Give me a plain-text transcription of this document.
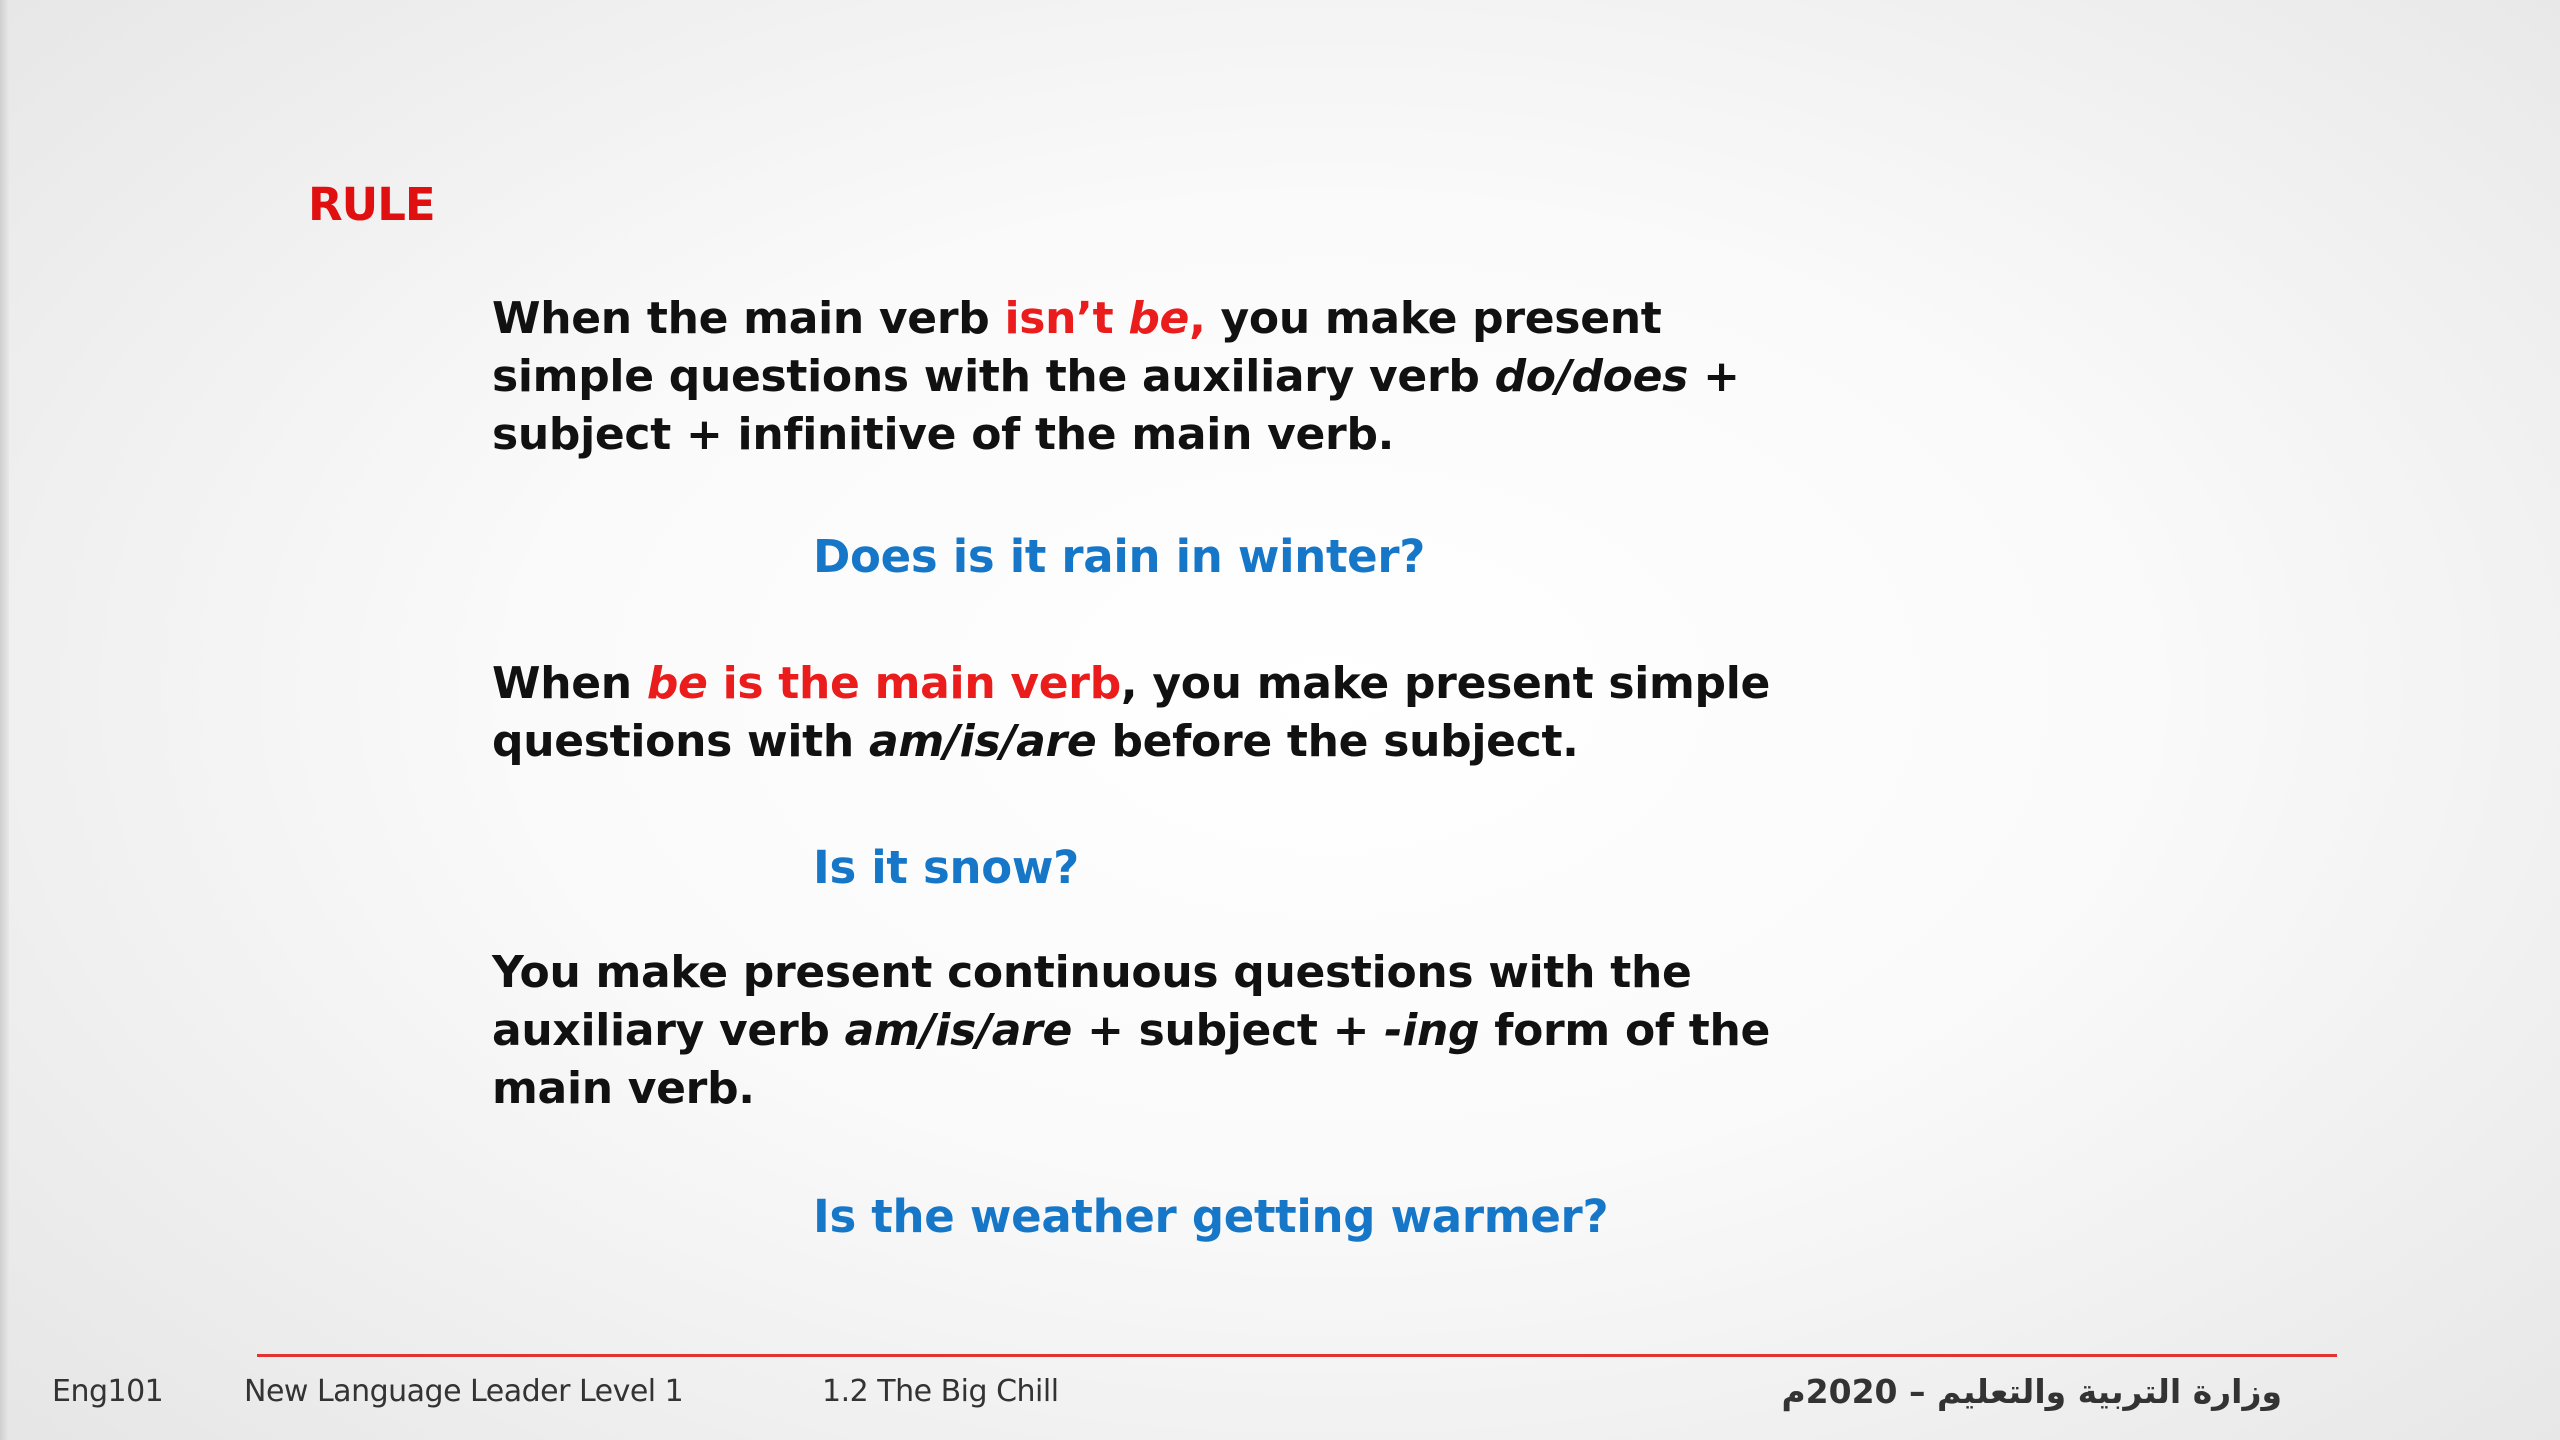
RULE
When the main verb isn’t be, you make present
simple questions with the auxiliary verb do/does +
subject + infinitive of the main verb.
Does is it rain in winter?
When be is the main verb, you make present simple
questions with am/is/are before the subject.
Is it snow?
You make present continuous questions with the
auxiliary verb am/is/are + subject + -ing form of the
main verb.
Is the weather getting warmer?
Eng101	New Language Leader Level 1	1.2 The Big Chill	وزارة التربية والتعليم – 2020م
